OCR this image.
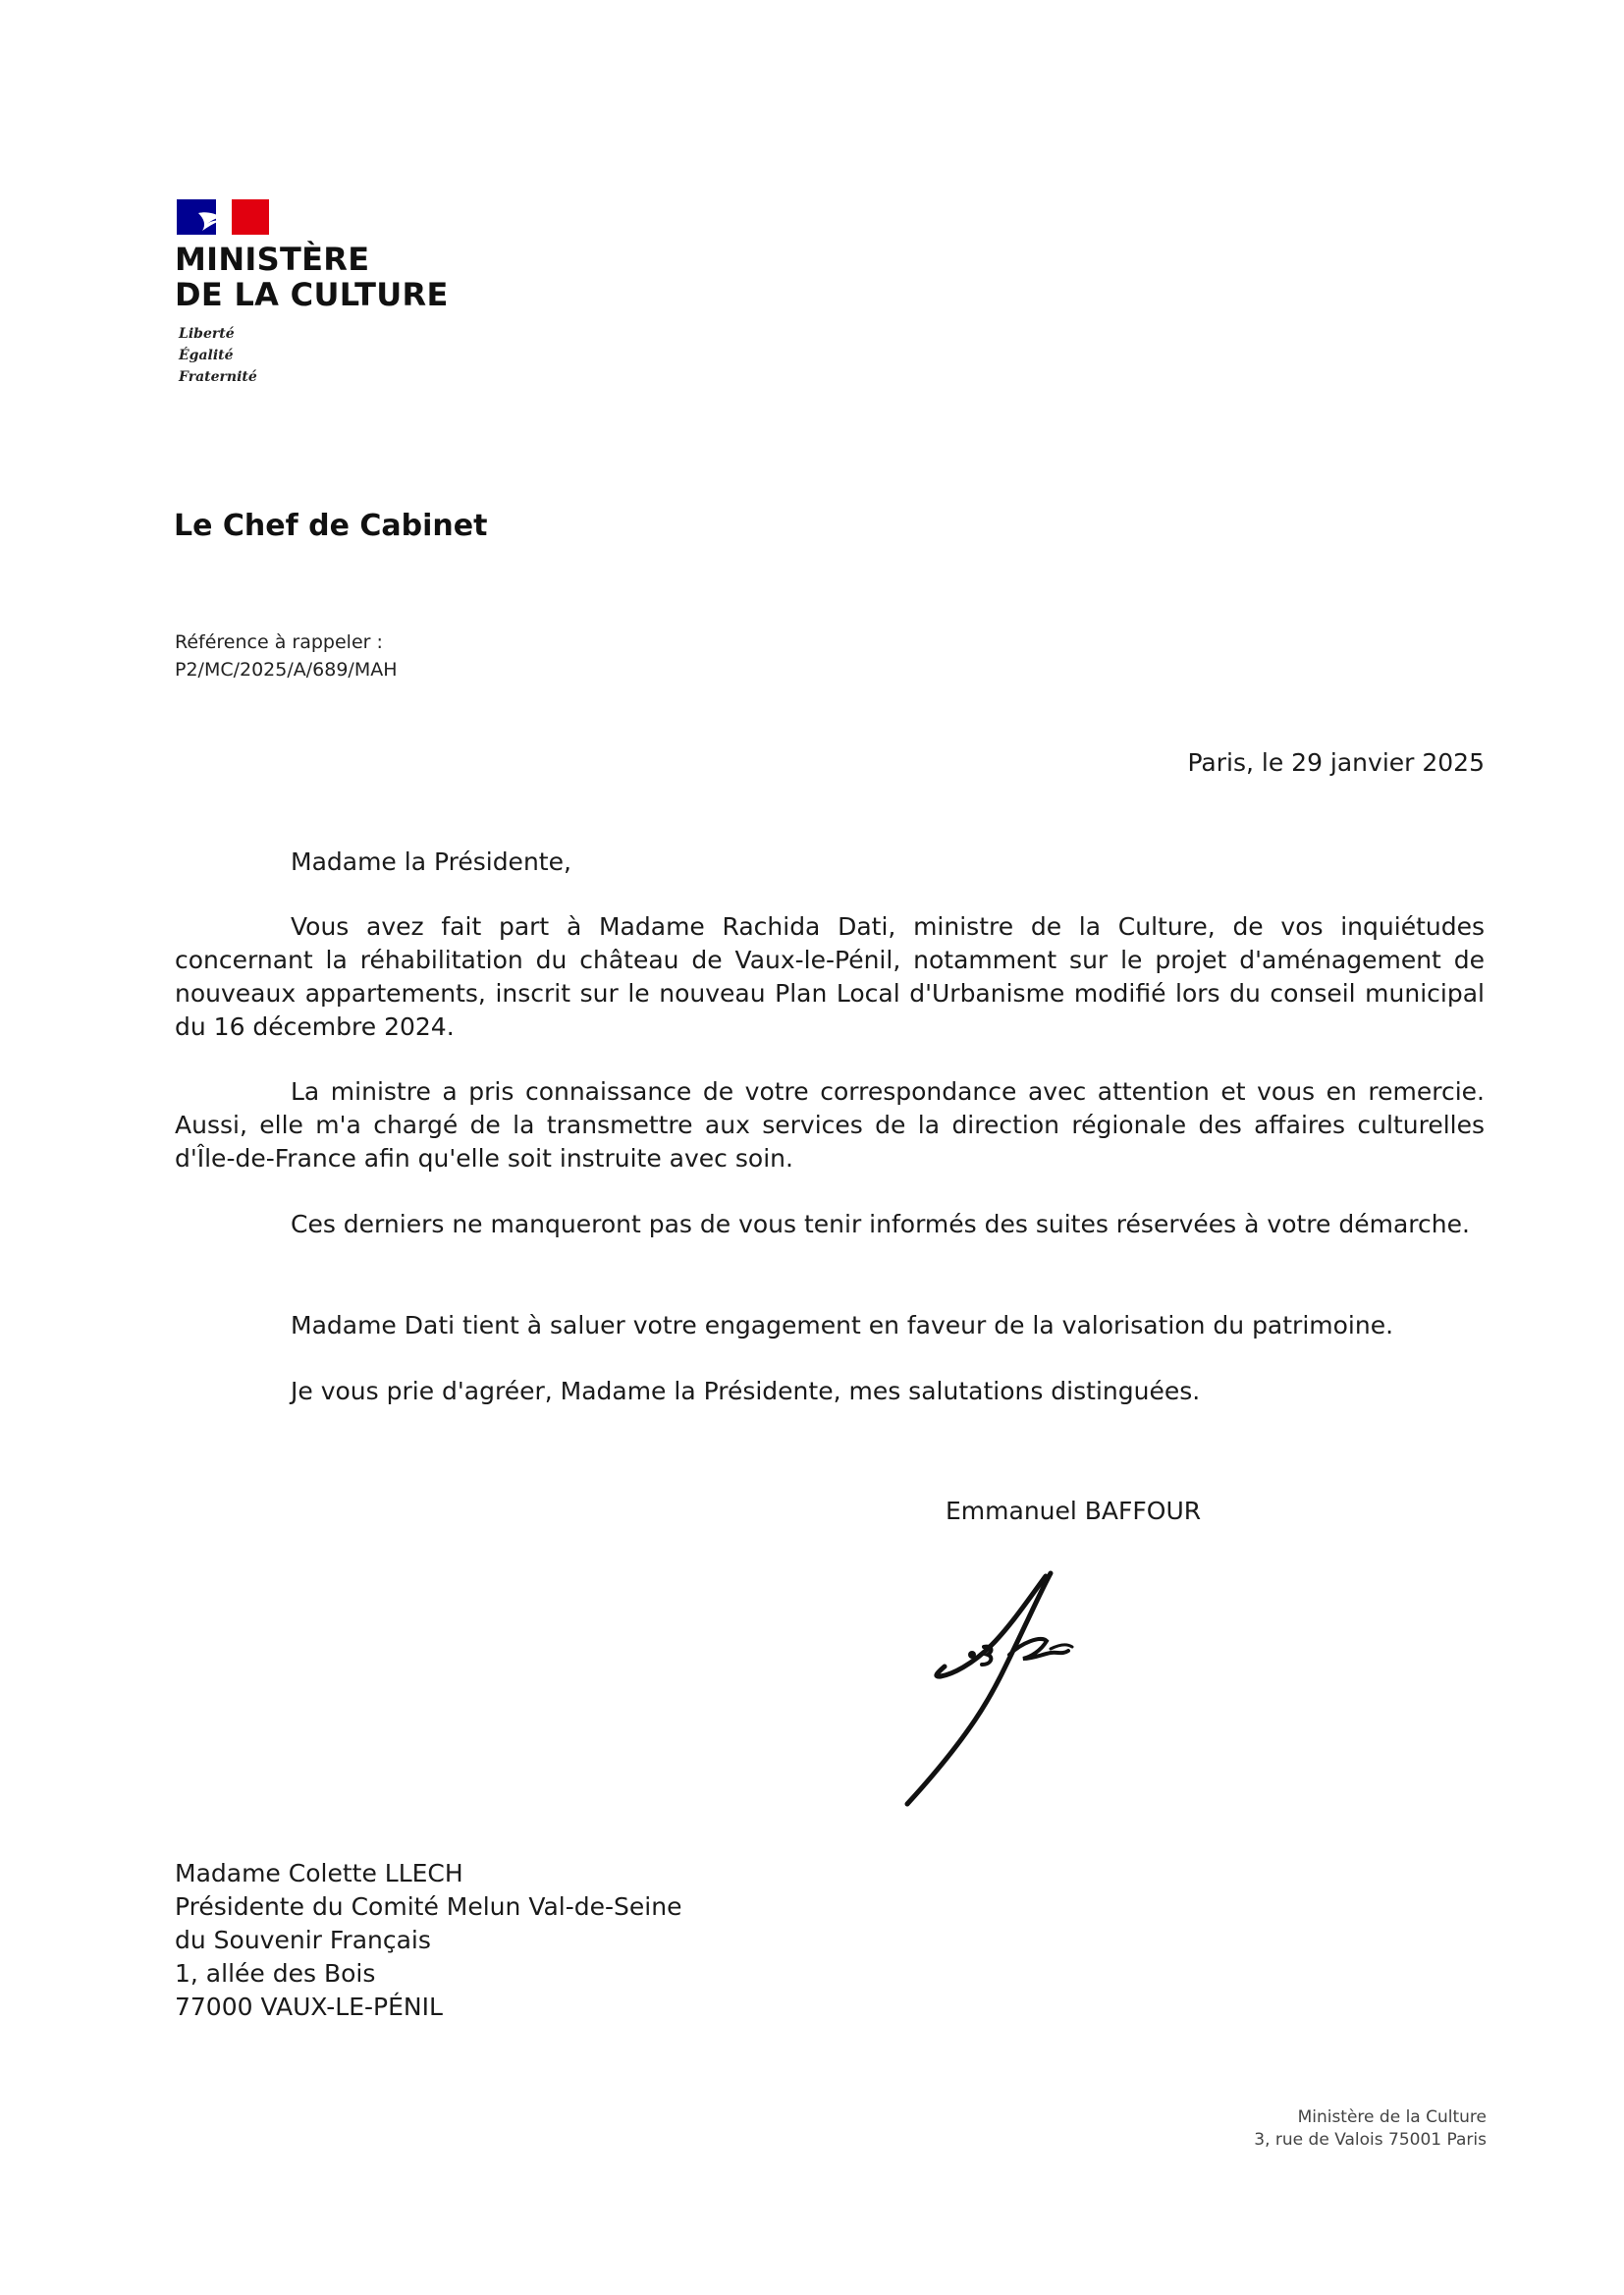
MINISTÈRE
DE LA CULTURE
Liberté
Égalité
Fraternité
Le Chef de Cabinet
Référence à rappeler :
P2/MC/2025/A/689/MAH
Paris, le 29 janvier 2025

Madame la Présidente,

Vous avez fait part à Madame Rachida Dati, ministre de la Culture, de vos inquiétudes concernant la réhabilitation du château de Vaux-le-Pénil, notamment sur le projet d'aménagement de nouveaux appartements, inscrit sur le nouveau Plan Local d'Urbanisme modifié lors du conseil municipal du 16 décembre 2024.

La ministre a pris connaissance de votre correspondance avec attention et vous en remercie. Aussi, elle m'a chargé de la transmettre aux services de la direction régionale des affaires culturelles d'Île-de-France afin qu'elle soit instruite avec soin.

Ces derniers ne manqueront pas de vous tenir informés des suites réservées à votre démarche.

Madame Dati tient à saluer votre engagement en faveur de la valorisation du patrimoine.

Je vous prie d'agréer, Madame la Présidente, mes salutations distinguées.

Emmanuel BAFFOUR
Madame Colette LLECH
Présidente du Comité Melun Val-de-Seine
du Souvenir Français
1, allée des Bois
77000 VAUX-LE-PÉNIL
Ministère de la Culture
3, rue de Valois 75001 Paris
